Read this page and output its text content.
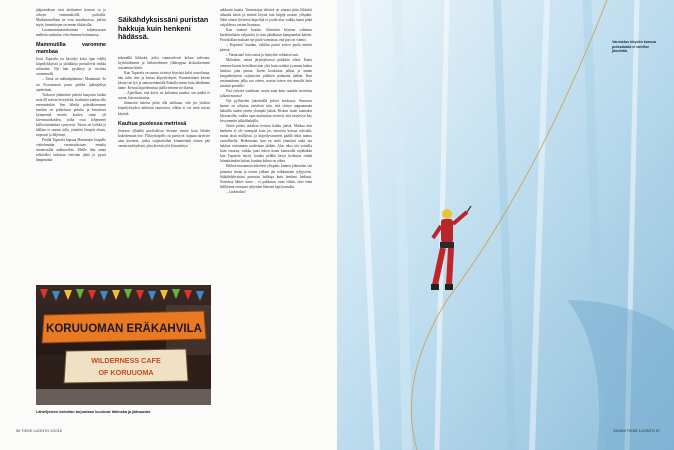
jääputouksen ovat aloittaneet kauvan sa jo sekoyn ensimmäisillä paikoilla. Mutkattomillaan ne ovat maailmoissa, joiloin myös lisenteitojen on ennen tikkaisilla.

Luonnonnimaavaltoimaa tuljettuassani melkein suuhulan, että ehemme kotimaassa.

Mammutilla varomme mambaa

Jussi Tupasela on käväilyt koko ajan edellä kiipeilykkyissä ja jäätikköja pursuilevia rinkka selässään. Nyt hän pysähtyy ja osoittaa vasemmalle.

– Tässä on mäkäräpäämme, Mammutti. Se on Korouoman paras paikka jääkiipeilyn opetteluun.

Turkoosi jäänträmä peittää kanjonin laidan noin 40 metrin leveydeltä, korkeutta saattaa olla enemmänkin. Sen läheltä päästäkseemme meidän on poikettava polulta ja kavuttava kymmentä metriä korkea rinne yli kivenmurikoiden, joilta ovat lohjenneet kallioseinämästä syntyessä. Taivas on lyökkä ja hälläm ei saanut tulla, jotenkin lämpöä alustu, nopeasti jo hiljennyt.

Petillä Tupasela kapuaa Mammutin huipulle viettelemään varmistuksiaan ennalta asennetuilla ankkureihin. Meille hän antaa tehtäväksi tarkistaa etsivään jäätä ja pyyrä lämpimänä.

Säikähdyksissäni puristan hakkuja kuin henkeni hädässä.

tekemällä liikkeitä, jotka vaimistelevat kehon tulevaan: kyykkäilemme ja heiluttelemme yläkroppaa kiskoaksemme tosiaamme käsiä.

Kun Tupasela on saanut viritetyt köysistä kaksi tosuolimaa, hän tulee alas ja kertaa kiipeilyohjeet. Ensimmäinen kerran käväyt ne lyö ja aamuseinämällä Rukalla ennen kuin lähdimme tänne. Kerran kiipeilemässä jäällä teimme ne iltaisin.

– Ajatellaan, että köysi on kaltainen mantta, sen päältä ei astuta, hän muistuttaa.

Jäänuolat laiteisa pitää olla tarkkana, että jos yksikin kiipeilyköyden säikeistä vaurioituu, silloin ei voi enää turvaa käyttää.

Kauhua puolessa metrissä

Seuraan ylhäältä puolivälissä hieman ennen kuin lähden kokeilemaan itse. Ylikiyskiipelly on paettyvä: kapuaa tarvitsee aina kavterin, jonka vaijataitoihin kiinnitetään toinen pää varmistusköydestä, joka kiertää ylös kiinnitettyn

ankkurin kautta. Varmistajan tehtävä on seurata pitin liikkeitä alhaalta käsin ja tiristää köyttä kun kiipijä nousee ylöspäin. Näin ottaen liiveessä kiipeilijä ei joudu alas vaikka kanat pitää vaijaldessa varaan liiomaan.

Kun vanteni kottiaa, hlinvittän köyteen solmitun karabiinihaan valjaisiini ja otan jääakkuun kumpaankin käteen. Protokollan mukaan nyt pitää varmistaa, että pari on valmis:

– Köpeäni? huudan, valikka parini seisoo puola metrin päässä.

– Varmistan! hän vastaa ja hymyilee rohkaisevasti.

Mulenkin, missä järjestyksessä pitäkään edetä. Ensin otennen kiuten kerrallaan niin ylös kuin suinkin ja annan hakun hauksia jään pintaa. Isteen koukistan jalkaa ja annan kengänkärjessä sojottavien piikkien painuatta jäähän. Kun ensimmäinen jalka saa otteen, nostan toisen sen rinnalle kuin astuisin portaille.

Pari yritystä vaaditaan, mutta saan kuin saankin irrotettua jalkani mausta!

Nyt pyllistelen jääseinällä polvet koukussa. Seuraava haaste on oikaista vartaloni niin, että siirtyn nappaamaan hakuilla uuden otteen ylempää jäästä. Kiskon itseni saamaksi käsivarsilla, vaikka opas muistuttaa vienosti, että nousevyö käy kevyemmin jalkalihaksilla.

Sitten pitäisi uskaltaa irrottaa hakku jäästä. Matkaa alas hankeen ei ole enempää kuin jos seisoisin kotona sohvalla, mutta tässä mälljössä, ja kiipeilyvarusteet päällä tekin tuntuu vaaralliselta. Hetkenotan, kun en enää ymmärrä enkä saa hakkua tarttumaan uudestaan jäähän. Alas taksi tää voinalla kuin vasaraa, vaikka juuri äsken maan kamarulla mykkäkän kun Tupasela näytti, kuinka pelkkä kevyt heilautus riittää kiinnittämään hakun, kunhan kulma on oikea.

Hetken muutaman askeleen ylöspäin, kunnes jäänuolan sisi pinnasta irtoaa ja toinen jalkani jää roikkumaan tyhjyyteen. Säikähdyksissäni purustan hakkuja kuin henkeni hädässä. Sormissa lähtee tunto – ei pakkasen vaan vähän, ettei enää hellittämä otettuani tyhjeiden lihasten läpi kunnolla.

– Laskeudun!

KORUUOMAN ERÄKAHVILA
WILDERNESS CAFE
OF KORUUOMA
Lähteljoteen kahvilan tarjontaan kuuluvat lähinaka ja jäänaudat.
56 TIEDE LUONTO 2/2016
Varmistus köyden kanssa puissakaka ei tarvitse jännittää.
SUOMI TIEDE LUONTO 57
